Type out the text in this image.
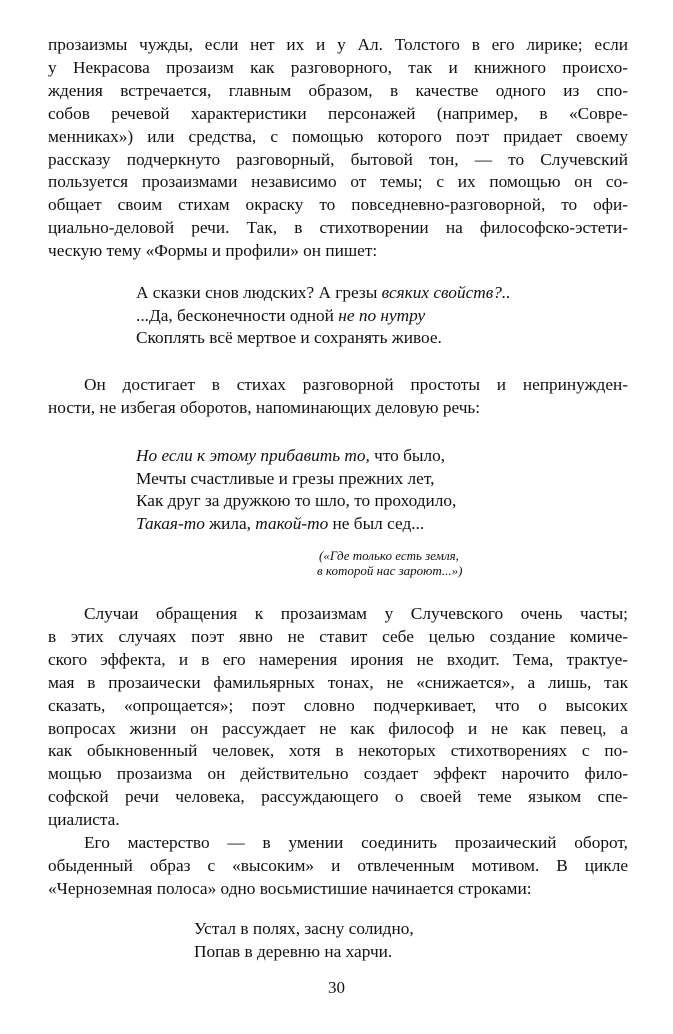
прозаизмы чужды, если нет их и у Ал. Толстого в его лирике; если
у Некрасова прозаизм как разговорного, так и книжного происхо-
ждения встречается, главным образом, в качестве одного из спо-
собов речевой характеристики персонажей (например, в «Совре-
менниках») или средства, с помощью которого поэт придает своему
рассказу подчеркнуто разговорный, бытовой тон, — то Случевский
пользуется прозаизмами независимо от темы; с их помощью он со-
общает своим стихам окраску то повседневно-разговорной, то офи-
циально-деловой речи. Так, в стихотворении на философско-эстети-
ческую тему «Формы и профили» он пишет:

А сказки снов людских? А грезы всяких свойств?..
...Да, бесконечности одной не по нутру
Скоплять всё мертвое и сохранять живое.

Он достигает в стихах разговорной простоты и непринужден-
ности, не избегая оборотов, напоминающих деловую речь:

Но если к этому прибавить то, что было,
Мечты счастливые и грезы прежних лет,
Как друг за дружкою то шло, то проходило,
Такая-то жила, такой-то не был сед...
(«Где только есть земля,
в которой нас зароют...»)

Случаи обращения к прозаизмам у Случевского очень часты;
в этих случаях поэт явно не ставит себе целью создание комиче-
ского эффекта, и в его намерения ирония не входит. Тема, трактуе-
мая в прозаически фамильярных тонах, не «снижается», а лишь, так
сказать, «опрощается»; поэт словно подчеркивает, что о высоких
вопросах жизни он рассуждает не как философ и не как певец, а
как обыкновенный человек, хотя в некоторых стихотворениях с по-
мощью прозаизма он действительно создает эффект нарочито фило-
софской речи человека, рассуждающего о своей теме языком спе-
циалиста.

Его мастерство — в умении соединить прозаический оборот,
обыденный образ с «высоким» и отвлеченным мотивом. В цикле
«Черноземная полоса» одно восьмистишие начинается строками:

Устал в полях, засну солидно,
Попав в деревню на харчи.
30
